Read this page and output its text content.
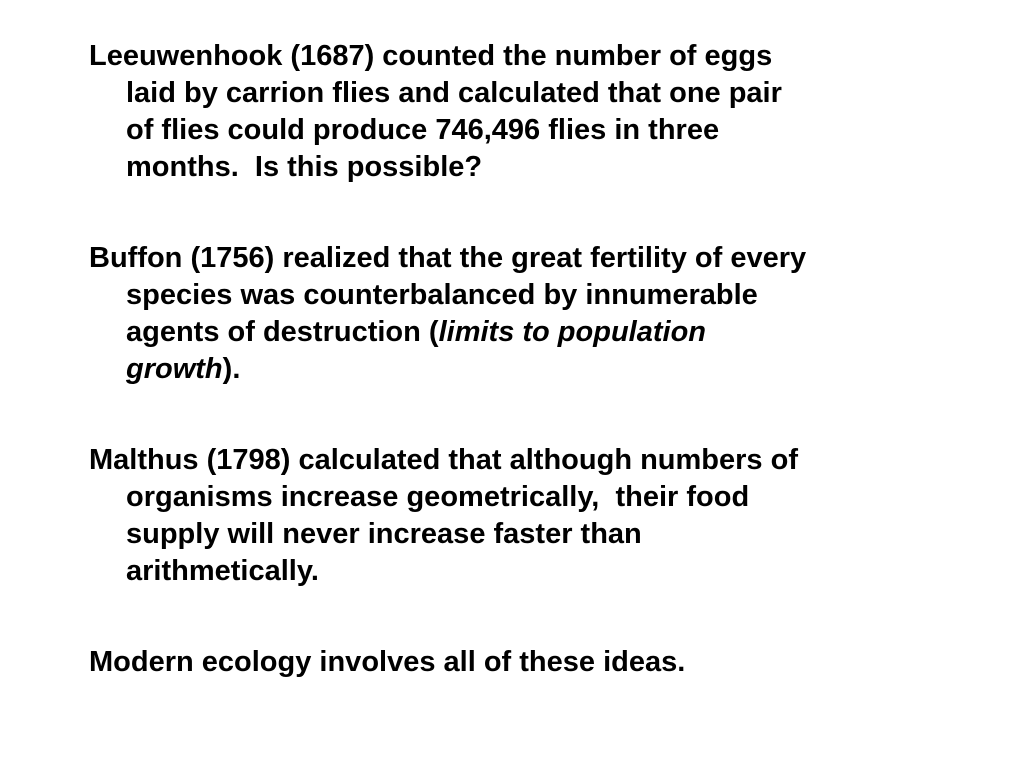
Leeuwenhook (1687) counted the number of eggs
laid by carrion flies and calculated that one pair
of flies could produce 746,496 flies in three
months.  Is this possible?
Buffon (1756) realized that the great fertility of every
species was counterbalanced by innumerable
agents of destruction (limits to population
growth).
Malthus (1798) calculated that although numbers of
organisms increase geometrically,  their food
supply will never increase faster than
arithmetically.
Modern ecology involves all of these ideas.
